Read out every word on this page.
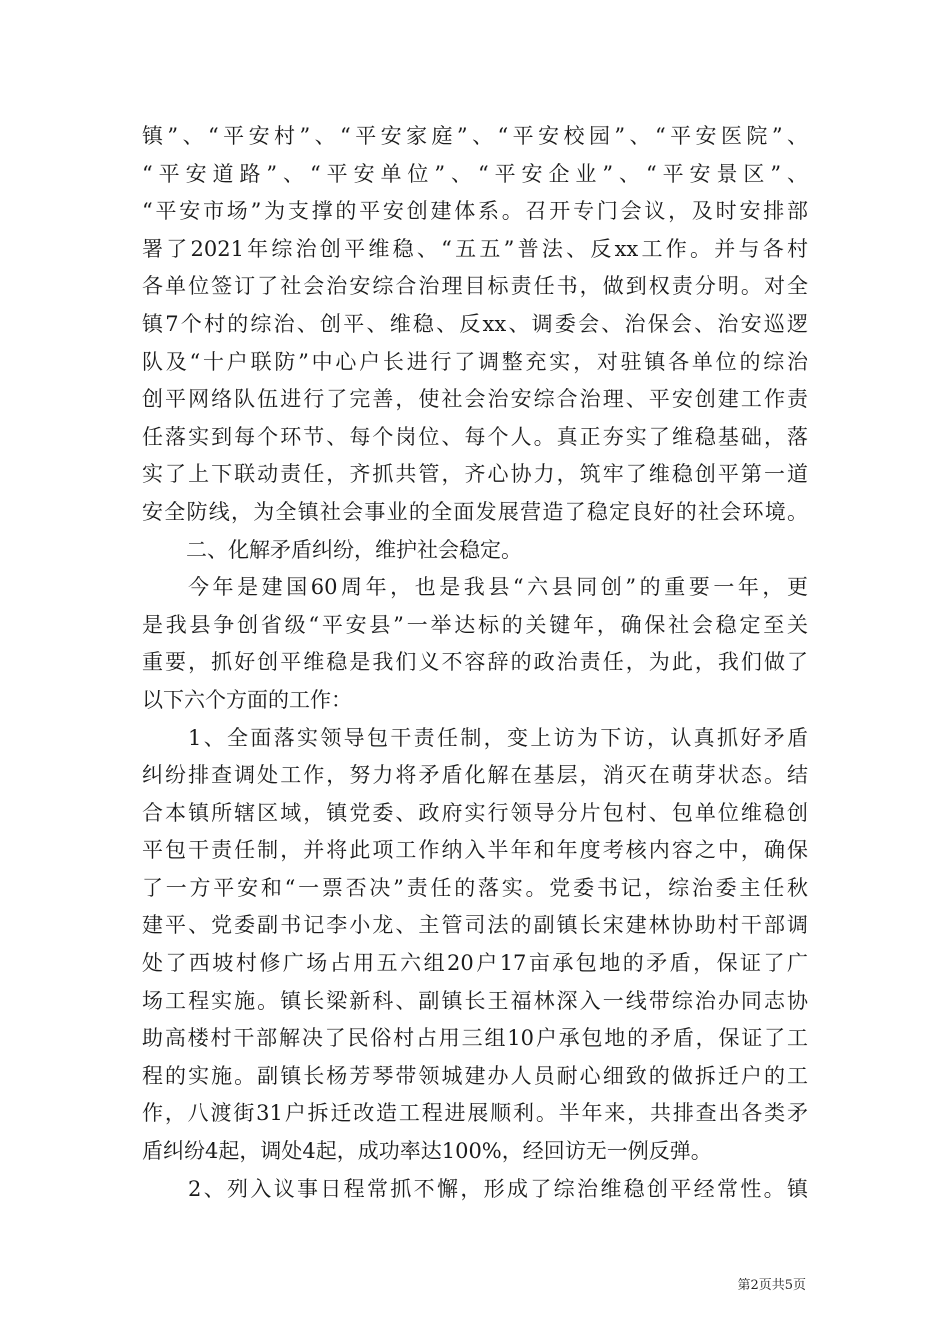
镇”、“平安村”、“平安家庭”、“平安校园”、“平安医院”、
“平安道路”、“平安单位”、“平安企业”、“平安景区”、
“平安市场”为支撑的平安创建体系。召开专门会议，及时安排部
署了2021年综治创平维稳、“五五”普法、反xx工作。并与各村
各单位签订了社会治安综合治理目标责任书，做到权责分明。对全
镇7个村的综治、创平、维稳、反xx、调委会、治保会、治安巡逻
队及“十户联防”中心户长进行了调整充实，对驻镇各单位的综治
创平网络队伍进行了完善，使社会治安综合治理、平安创建工作责
任落实到每个环节、每个岗位、每个人。真正夯实了维稳基础，落
实了上下联动责任，齐抓共管，齐心协力，筑牢了维稳创平第一道
安全防线，为全镇社会事业的全面发展营造了稳定良好的社会环境。
二、化解矛盾纠纷，维护社会稳定。
今年是建国60周年，也是我县“六县同创”的重要一年，更
是我县争创省级“平安县”一举达标的关键年，确保社会稳定至关
重要，抓好创平维稳是我们义不容辞的政治责任，为此，我们做了
以下六个方面的工作：
1、全面落实领导包干责任制，变上访为下访，认真抓好矛盾
纠纷排查调处工作，努力将矛盾化解在基层，消灭在萌芽状态。结
合本镇所辖区域，镇党委、政府实行领导分片包村、包单位维稳创
平包干责任制，并将此项工作纳入半年和年度考核内容之中，确保
了一方平安和“一票否决”责任的落实。党委书记，综治委主任秋
建平、党委副书记李小龙、主管司法的副镇长宋建林协助村干部调
处了西坡村修广场占用五六组20户17亩承包地的矛盾，保证了广
场工程实施。镇长梁新科、副镇长王福林深入一线带综治办同志协
助高楼村干部解决了民俗村占用三组10户承包地的矛盾，保证了工
程的实施。副镇长杨芳琴带领城建办人员耐心细致的做拆迁户的工
作，八渡街31户拆迁改造工程进展顺利。半年来，共排查出各类矛
盾纠纷4起，调处4起，成功率达100%，经回访无一例反弹。
2、列入议事日程常抓不懈，形成了综治维稳创平经常性。镇
第2页共5页
